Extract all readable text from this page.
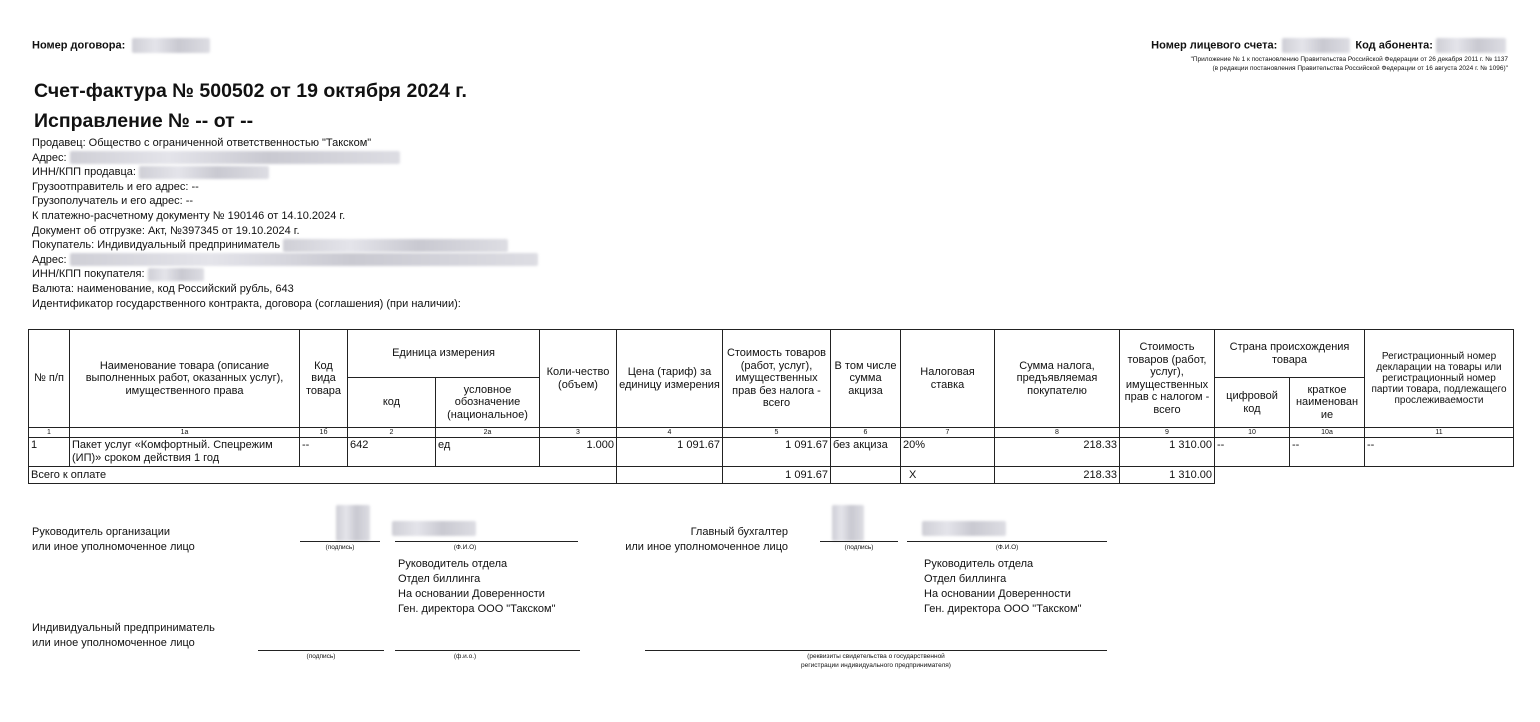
Номер договора:	Номер лицевого счета:	Код абонента:
"Приложение № 1 к постановлению Правительства Российской Федерации от 26 декабря 2011 г. № 1137
(в редакции постановления Правительства Российской Федерации от 16 августа 2024 г. № 1096)"
Счет-фактура № 500502 от 19 октября 2024 г.
Исправление № -- от --
Продавец: Общество с ограниченной ответственностью "Такском"
Адрес:
ИНН/КПП продавца:
Грузоотправитель и его адрес: --
Грузополучатель и его адрес: --
К платежно-расчетному документу № 190146 от 14.10.2024 г.
Документ об отгрузке: Акт, №397345 от 19.10.2024 г.
Покупатель: Индивидуальный предприниматель
Адрес:
ИНН/КПП покупателя:
Валюта: наименование, код Российский рубль, 643
Идентификатор государственного контракта, договора (соглашения) (при наличии):
№ п/п	Наименование товара (описание выполненных работ, оказанных услуг), имущественного права	Код вида товара	Единица измерения		Коли-чество (объем)	Цена (тариф) за единицу измерения	Стоимость товаров (работ, услуг), имущественных прав без налога - всего	В том числе сумма акциза	Налоговая ставка	Сумма налога, предъявляемая покупателю	Стоимость товаров (работ, услуг), имущественных прав с налогом - всего	Страна происхождения товара		Регистрационный номер декларации на товары или регистрационный номер партии товара, подлежащего прослеживаемости
			код	условное обозначение (национальное)								цифровой код	краткое наименован ие	
1	1а	1б	2	2а	3	4	5	6	7	8	9	10	10а	11
1	Пакет услуг «Комфортный. Спецрежим (ИП)» сроком действия 1 год	--	642	ед	1.000	1 091.67	1 091.67	без акциза	20%	218.33	1 310.00	--	--	--
Всего к оплате							1 091.67		X	218.33	1 310.00			
Руководитель организации
или иное уполномоченное лицо	(подпись)	(Ф.И.О)
Руководитель отдела
Отдел биллинга
На основании Доверенности
Ген. директора ООО "Такском"
Главный бухгалтер
или иное уполномоченное лицо	(подпись)	(Ф.И.О)
Руководитель отдела
Отдел биллинга
На основании Доверенности
Ген. директора ООО "Такском"
Индивидуальный предприниматель
или иное уполномоченное лицо
(подпись)	(ф.и.о.)	(реквизиты свидетельства о государственной
регистрации индивидуального предпринимателя)
